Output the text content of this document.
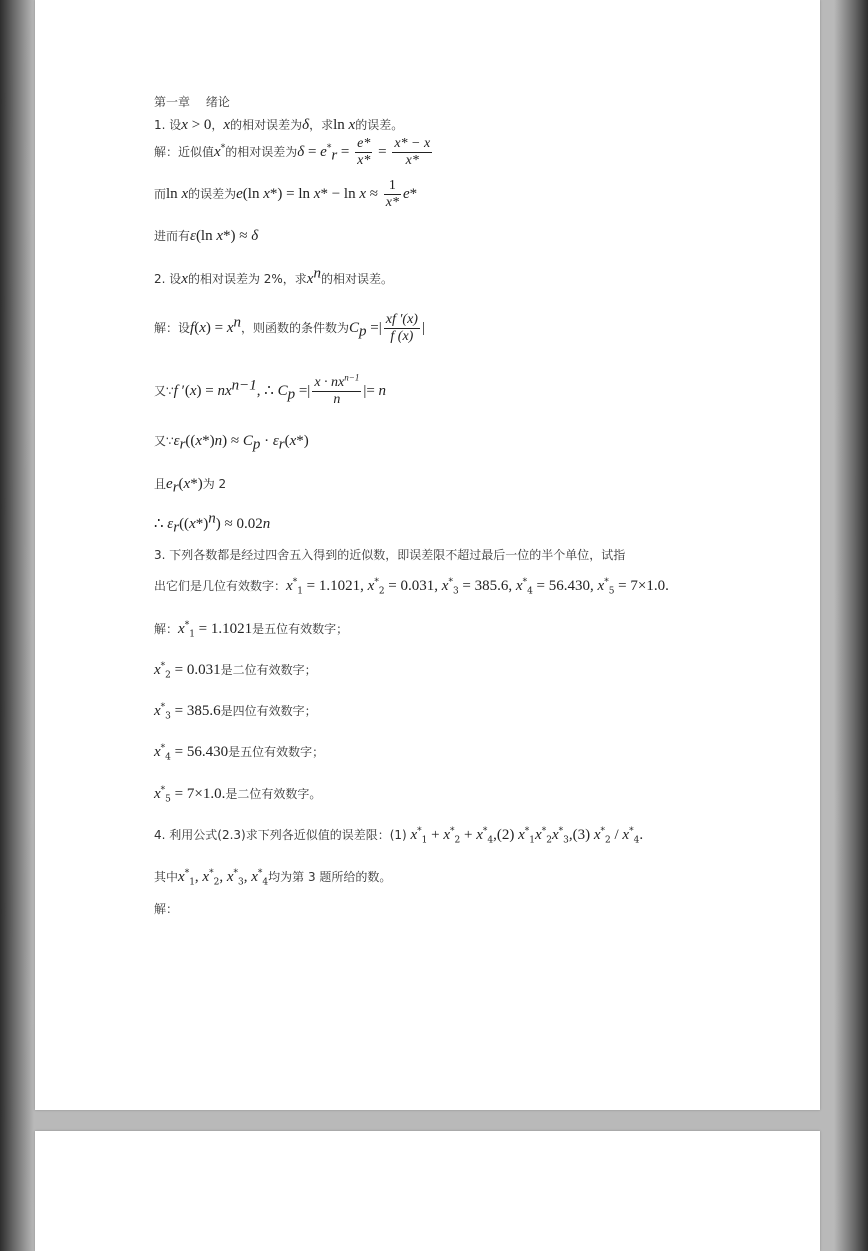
第一章　 绪论
1. 设x > 0，x的相对误差为δ，求ln x的误差。
解：近似值x*的相对误差为$\delta = e^*_r = \frac{e*}{x*} = \frac{x* - x}{x*}$
而ln x的误差为e(ln $x*) = \ln x* - \ln x \approx \frac{1}{x*} e*$
进而有ε(ln x*) ≈ δ
2. 设x的相对误差为 2%，求$x^n$的相对误差。
解：设$f(x) = x^n$，则函数的条件数为$C_p$ =| $\frac{xf '(x)}{f (x)}$ |
又∵f $'(x) = nx^{n-1}$, ∴ $C_p$ =| $\frac{x \cdot nx^{n-1}}{n}$ |= n
又$\because\varepsilon_r((x*)n) \approx C_p \cdot \varepsilon_r(x*)$
且$e_r(x*)$为 2
∴ $\varepsilon_r((x*)^n) \approx 0.02n$
3. 下列各数都是经过四舍五入得到的近似数，即误差限不超过最后一位的半个单位，试指
出它们是几位有效数字：$x^*_1 = 1.1021$, $x^*_2 = 0.031$, $x^*_3 = 385.6$, $x^*_4 = 56.430$, $x^*_5 = 7\times 1.0$.
解：$x^*_1 = 1.1021$是五位有效数字；
$x^*_2 = 0.031$是二位有效数字；
$x^*_3 = 385.6$是四位有效数字；
$x^*_4 = 56.430$是五位有效数字；
$x^*_5 = 7\times 1.0$.是二位有效数字。
4. 利用公式(2.3)求下列各近似值的误差限：(1) $x^*_1 + x^*_2 + x^*_4,(2)$ $x^*_1x^*_2x^*_3,(3)$ $x^*_2 / x^*_4$.
其中$x^*_1$, $x^*_2$, $x^*_3$, $x^*_4$均为第 3 题所给的数。
解：
